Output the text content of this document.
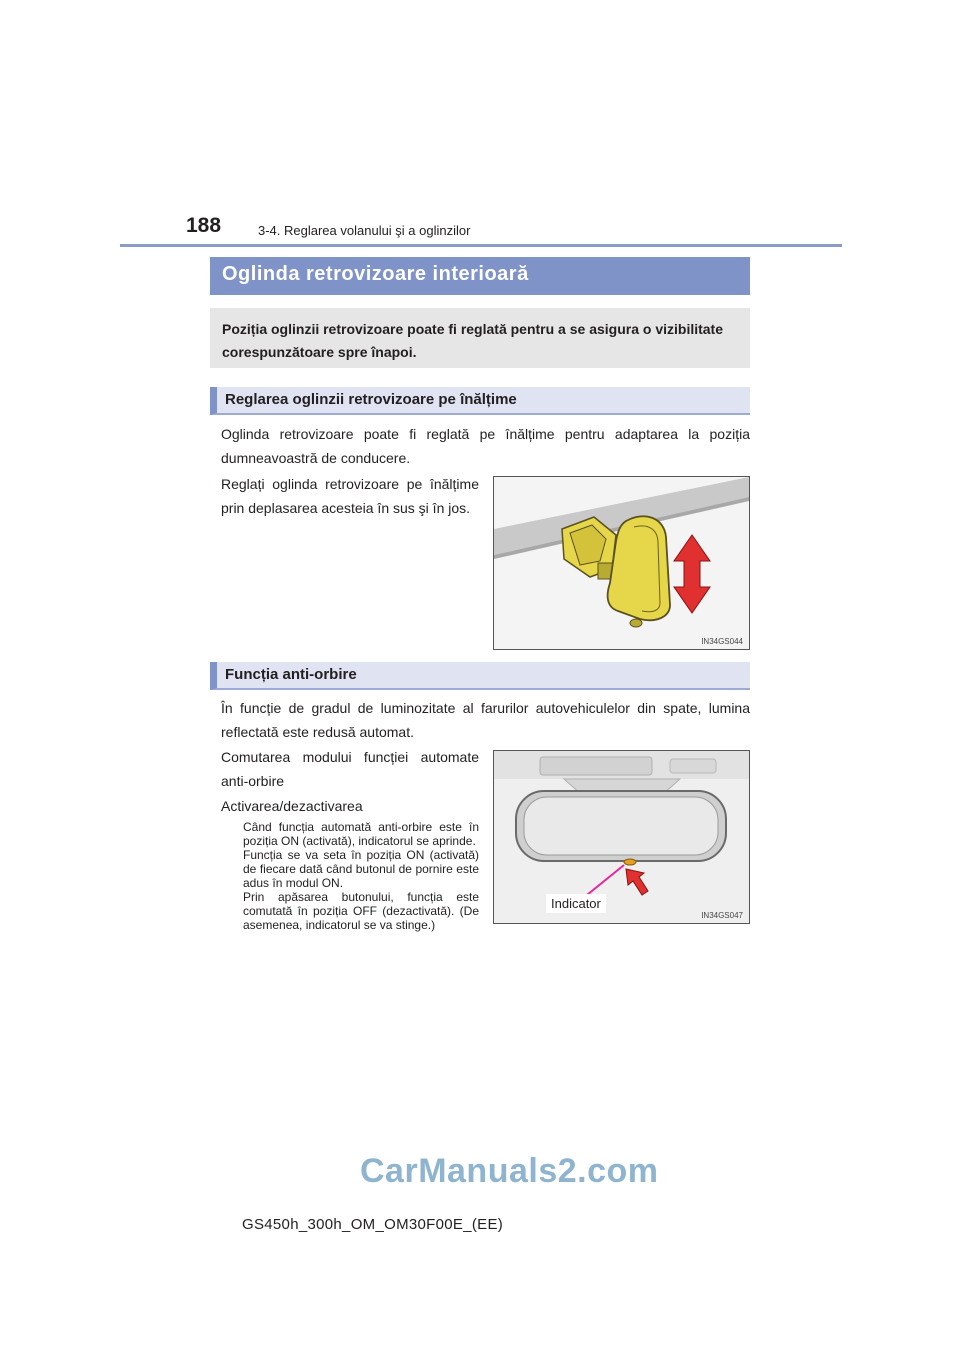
188	3-4. Reglarea volanului şi a oglinzilor
Oglinda retrovizoare interioară
Poziția oglinzii retrovizoare poate fi reglată pentru a se asigura o vizibilitate corespunzătoare spre înapoi.
Reglarea oglinzii retrovizoare pe înălțime

Oglinda retrovizoare poate fi reglată pe înălțime pentru adaptarea la poziția dumneavoastră de conducere.

Reglați oglinda retrovizoare pe înălțime prin deplasarea acesteia în sus şi în jos.

IN34GS044
Funcția anti-orbire

În funcție de gradul de luminozitate al farurilor autovehiculelor din spate, lumina reflectată este redusă automat.

Comutarea modului funcției automate anti-orbire

Activarea/dezactivarea

Când funcția automată anti-orbire este în poziția ON (activată), indicatorul se aprinde.
Funcția se va seta în poziția ON (activată) de fiecare dată când butonul de pornire este adus în modul ON.
Prin apăsarea butonului, funcția este comutată în poziția OFF (dezactivată). (De asemenea, indicatorul se va stinge.)
Indicator
IN34GS047
CarManuals2.com
GS450h_300h_OM_OM30F00E_(EE)
